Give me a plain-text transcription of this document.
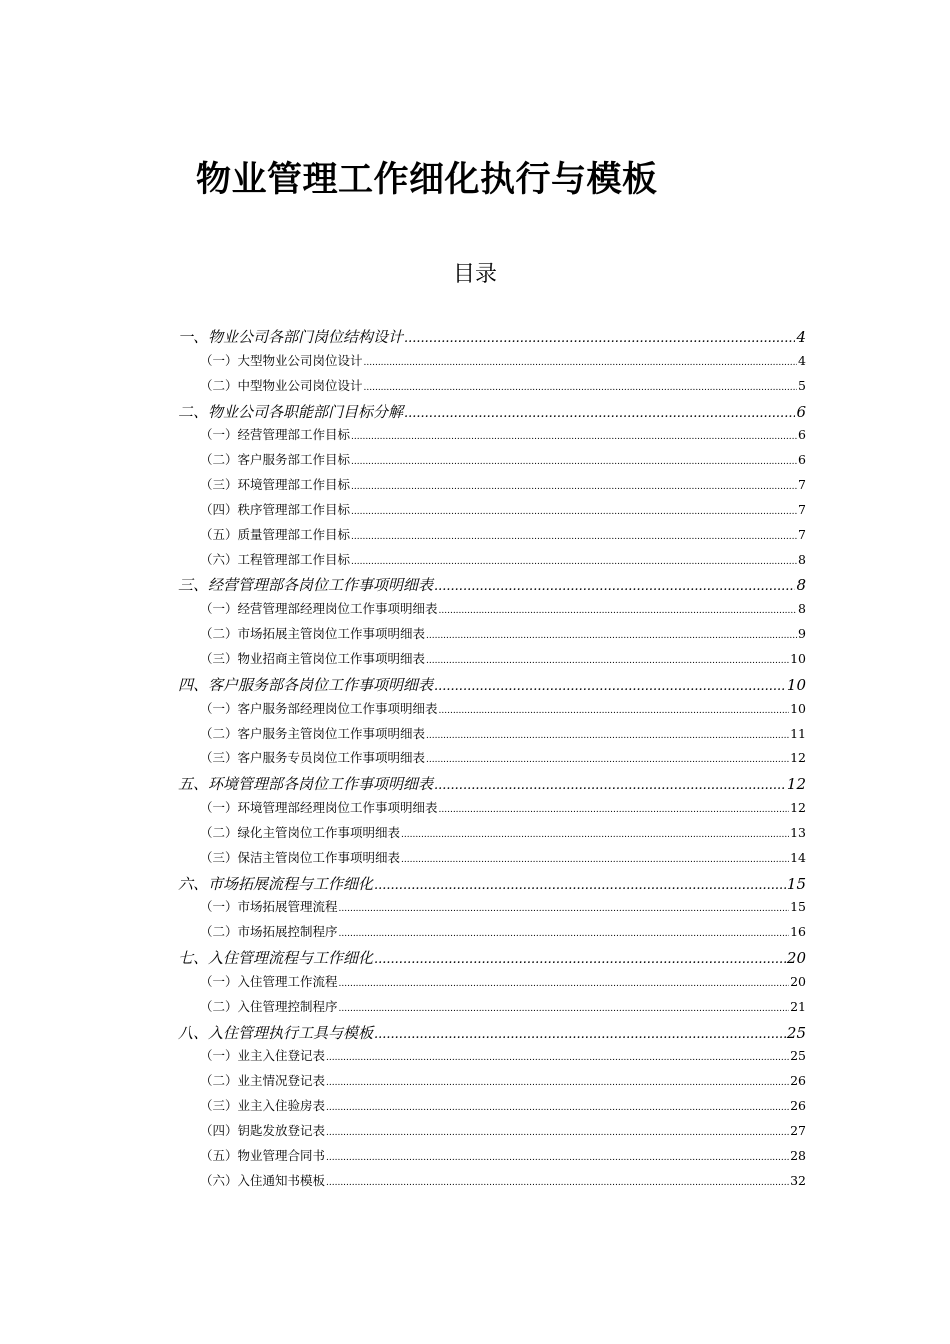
物业管理工作细化执行与模板
目录
一、物业公司各部门岗位结构设计 .....	4
（一）大型物业公司岗位设计 .....	4
（二）中型物业公司岗位设计 .....	5
二、物业公司各职能部门目标分解 .....	6
（一）经营管理部工作目标 .....	6
（二）客户服务部工作目标 .....	6
（三）环境管理部工作目标 .....	7
（四）秩序管理部工作目标 .....	7
（五）质量管理部工作目标 .....	7
（六）工程管理部工作目标 .....	8
三、经营管理部各岗位工作事项明细表 .....	8
（一）经营管理部经理岗位工作事项明细表 .....	8
（二）市场拓展主管岗位工作事项明细表 .....	9
（三）物业招商主管岗位工作事项明细表 .....	10
四、客户服务部各岗位工作事项明细表 .....	10
（一）客户服务部经理岗位工作事项明细表 .....	10
（二）客户服务主管岗位工作事项明细表 .....	11
（三）客户服务专员岗位工作事项明细表 .....	12
五、环境管理部各岗位工作事项明细表 .....	12
（一）环境管理部经理岗位工作事项明细表 .....	12
（二）绿化主管岗位工作事项明细表 .....	13
（三）保洁主管岗位工作事项明细表 .....	14
六、市场拓展流程与工作细化 .....	15
（一）市场拓展管理流程 .....	15
（二）市场拓展控制程序 .....	16
七、入住管理流程与工作细化 .....	20
（一）入住管理工作流程 .....	20
（二）入住管理控制程序 .....	21
八、入住管理执行工具与模板 .....	25
（一）业主入住登记表 .....	25
（二）业主情况登记表 .....	26
（三）业主入住验房表 .....	26
（四）钥匙发放登记表 .....	27
（五）物业管理合同书 .....	28
（六）入住通知书模板 .....	32
